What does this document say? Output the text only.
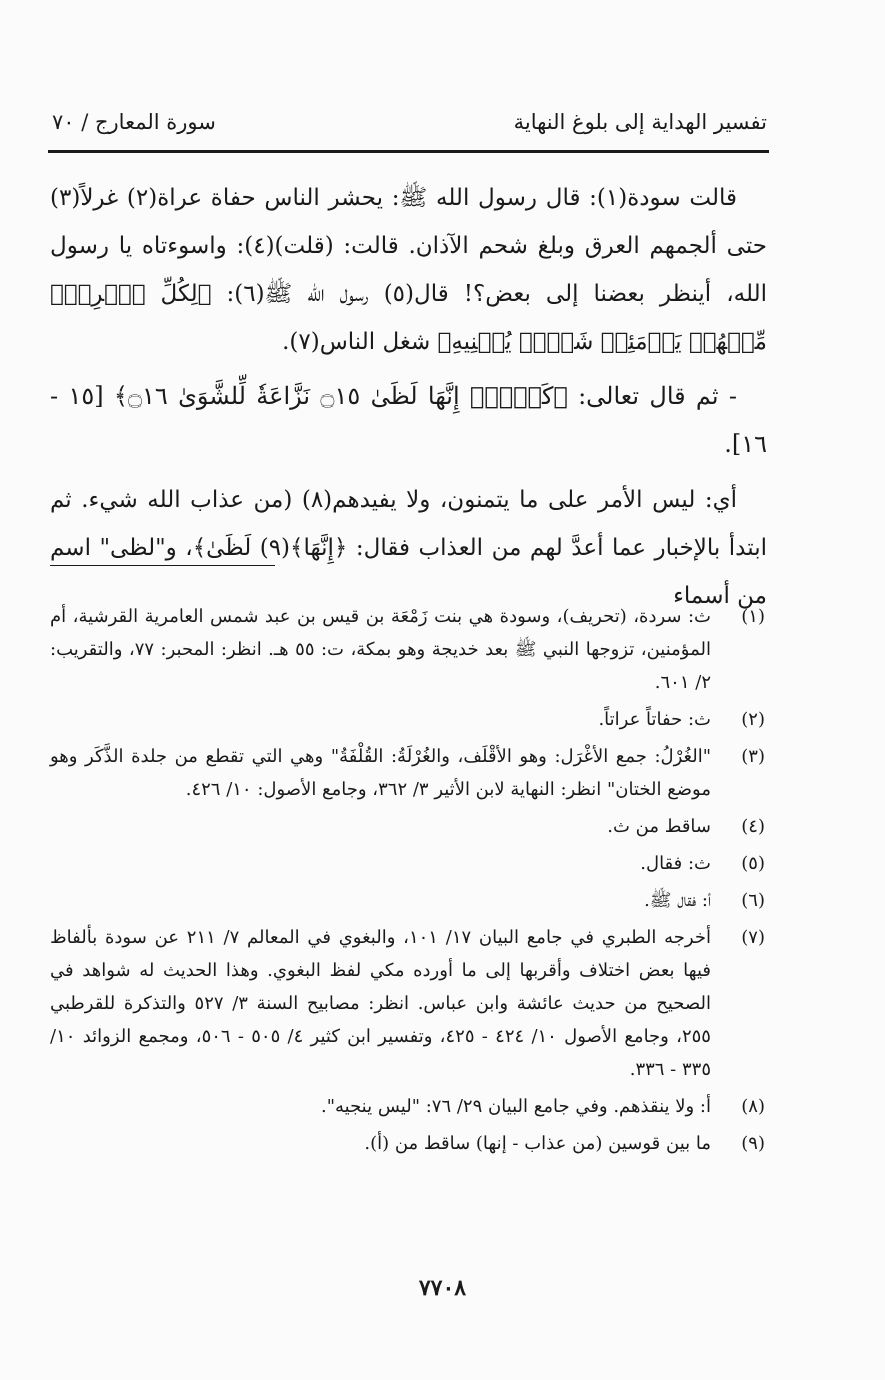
تفسير الهداية إلى بلوغ النهاية
سورة المعارج / ٧٠

قالت سودة(١): قال رسول الله ﷺ: يحشر الناس حفاة عراة(٢) غرلاً(٣) حتى ألجمهم العرق وبلغ شحم الآذان. قالت: (قلت)(٤): واسوءتاه يا رسول الله، أينظر بعضنا إلى بعض؟! قال(٥) رسول الله ﷺ(٦): ﴿لِكُلِّ ٱمۡرِيٕٖ مِّنۡهُمۡ يَوۡمَئِذٖ شَأۡنٞ يُغۡنِيهِ﴾ شغل الناس(٧).

- ثم قال تعالى: ﴿كَلَّآۖ إِنَّهَا لَظَىٰ ۝١٥ نَزَّاعَةٗ لِّلشَّوَىٰ ۝١٦﴾ [١٥ - ١٦].

أي: ليس الأمر على ما يتمنون، ولا يفيدهم(٨) (من عذاب الله شيء. ثم ابتدأ بالإخبار عما أعدَّ لهم من العذاب فقال: ﴿إِنَّهَا﴾(٩) لَظَىٰ﴾، و"لظى" اسم من أسماء

(١)
ث: سردة، (تحريف)، وسودة هي بنت زَمْعَة بن قيس بن عبد شمس العامرية القرشية، أم المؤمنين، تزوجها النبي ﷺ بعد خديجة وهو بمكة، ت: ٥٥ هـ. انظر: المحبر: ٧٧، والتقريب: ٢/ ٦٠١.
(٢)
ث: حفاتاً عراتاً.
(٣)
"الغُرْلُ: جمع الأغْرَل: وهو الأقْلَف، والغُرْلَةُ: القُلْفَةُ" وهي التي تقطع من جلدة الذَّكَر وهو موضع الختان" انظر: النهاية لابن الأثير ٣/ ٣٦٢، وجامع الأصول: ١٠/ ٤٢٦.
(٤)
ساقط من ث.
(٥)
ث: فقال.
(٦)
أ: فقال ﷺ.
(٧)
أخرجه الطبري في جامع البيان ١٧/ ١٠١، والبغوي في المعالم ٧/ ٢١١ عن سودة بألفاظ فيها بعض اختلاف وأقربها إلى ما أورده مكي لفظ البغوي. وهذا الحديث له شواهد في الصحيح من حديث عائشة وابن عباس. انظر: مصابيح السنة ٣/ ٥٢٧ والتذكرة للقرطبي ٢٥٥، وجامع الأصول ١٠/ ٤٢٤ - ٤٢٥، وتفسير ابن كثير ٤/ ٥٠٥ - ٥٠٦، ومجمع الزوائد ١٠/ ٣٣٥ - ٣٣٦.
(٨)
أ: ولا ينقذهم. وفي جامع البيان ٢٩/ ٧٦: "ليس ينجيه".
(٩)
ما بين قوسين (من عذاب - إنها) ساقط من (أ).
٧٧٠٨
